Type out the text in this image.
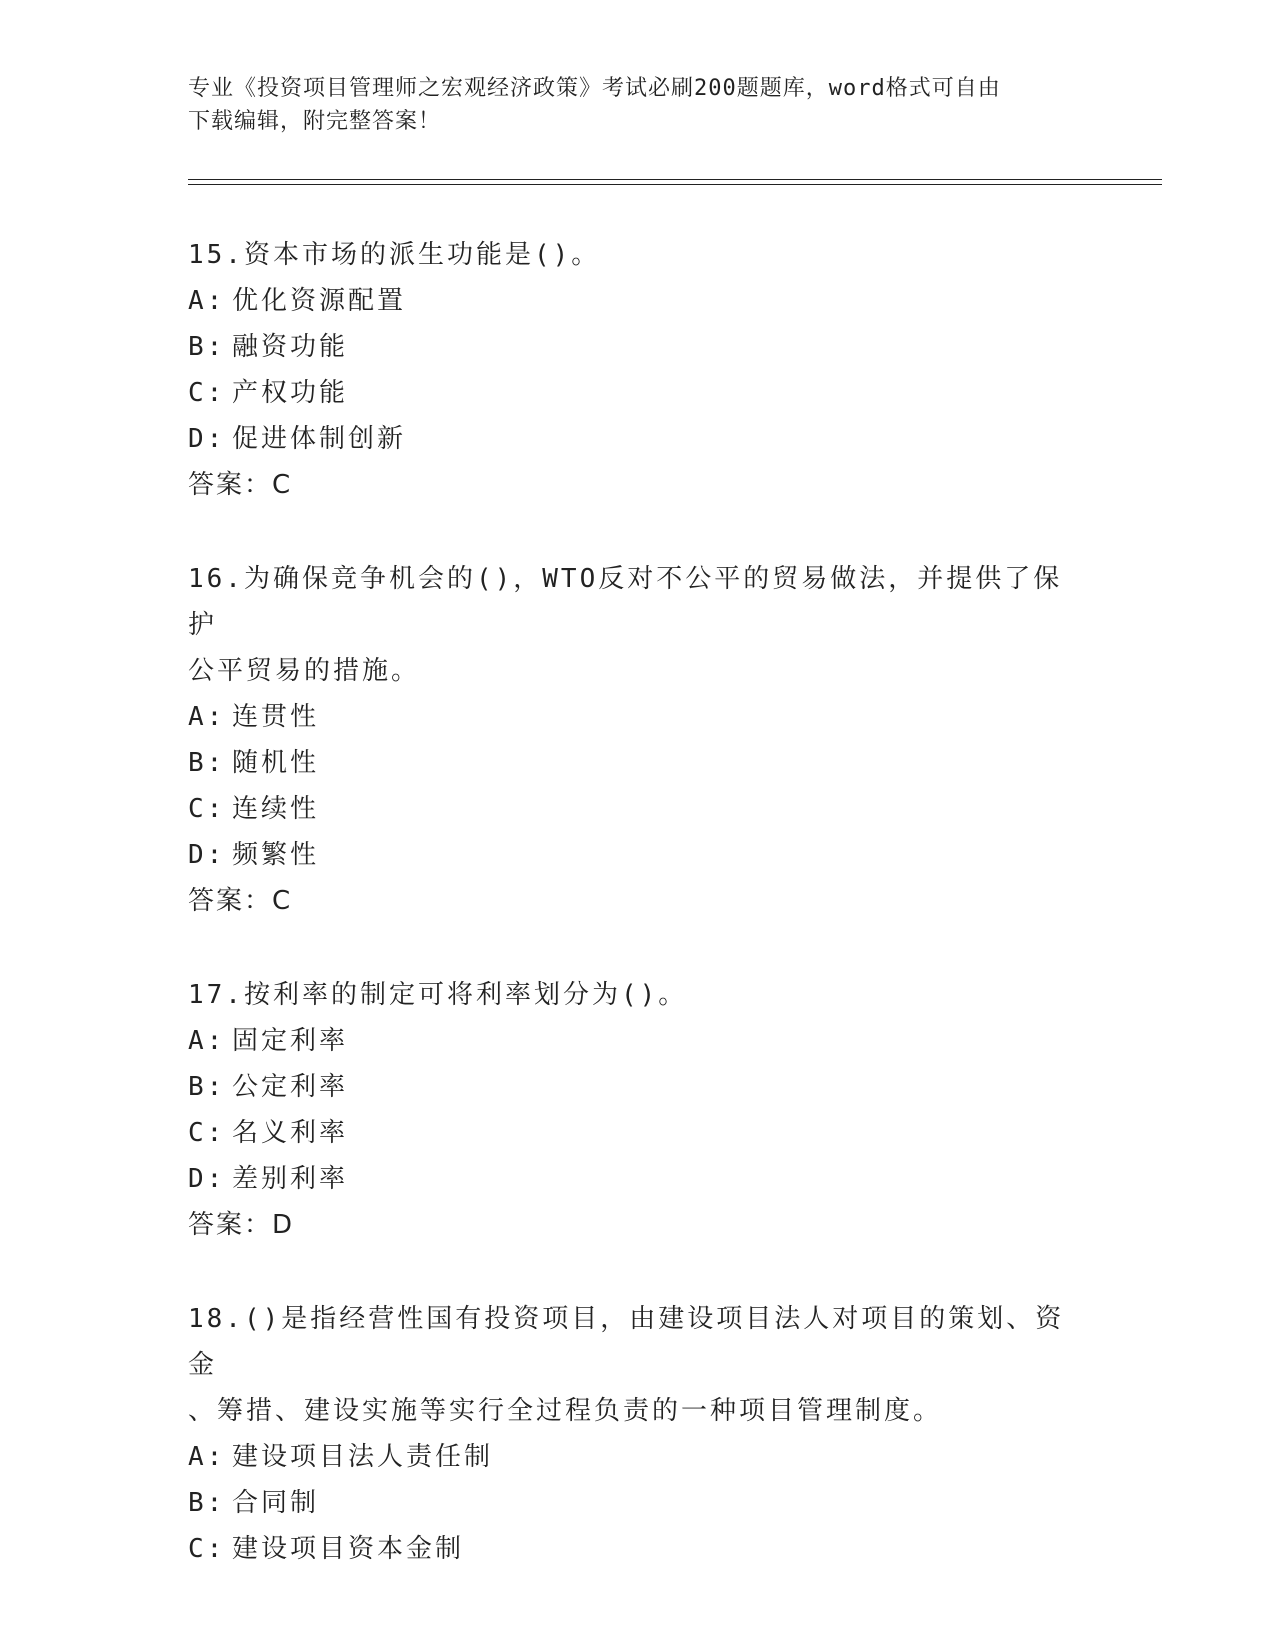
专业《投资项目管理师之宏观经济政策》考试必刷200题题库，word格式可自由
下载编辑，附完整答案！
15.资本市场的派生功能是()。
A: 优化资源配置
B: 融资功能
C: 产权功能
D: 促进体制创新
答案：C
16.为确保竞争机会的()，WTO反对不公平的贸易做法，并提供了保护
公平贸易的措施。
A: 连贯性
B: 随机性
C: 连续性
D: 频繁性
答案：C
17.按利率的制定可将利率划分为()。
A: 固定利率
B: 公定利率
C: 名义利率
D: 差别利率
答案：D
18.()是指经营性国有投资项目，由建设项目法人对项目的策划、资金
、筹措、建设实施等实行全过程负责的一种项目管理制度。
A: 建设项目法人责任制
B: 合同制
C: 建设项目资本金制
